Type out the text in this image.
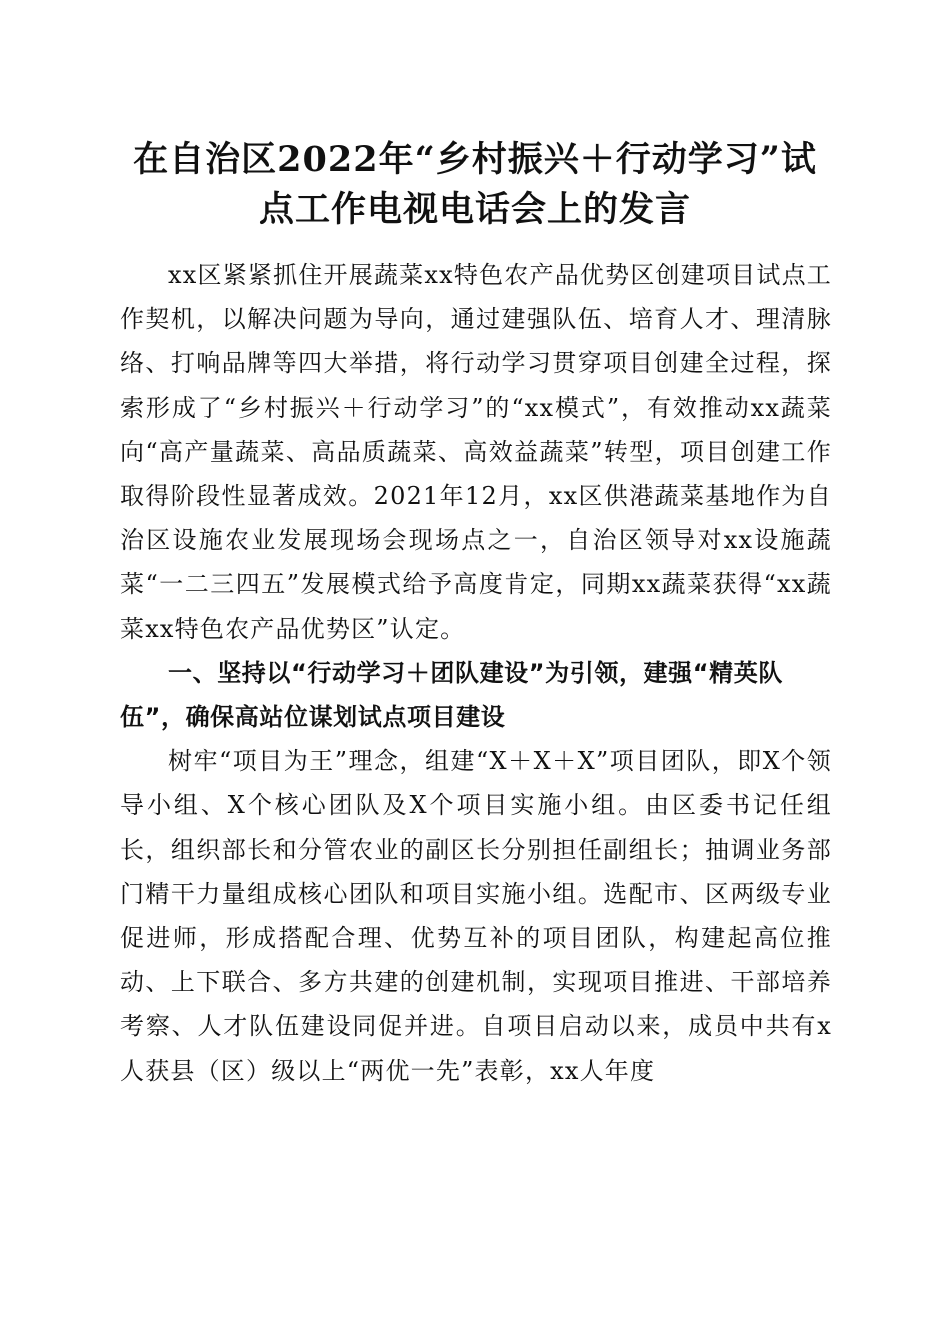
在自治区2022年“乡村振兴＋行动学习”试
点工作电视电话会上的发言

xx区紧紧抓住开展蔬菜xx特色农产品优势区创建项目试点工作契机，以解决问题为导向，通过建强队伍、培育人才、理清脉络、打响品牌等四大举措，将行动学习贯穿项目创建全过程，探索形成了“乡村振兴＋行动学习”的“xx模式”，有效推动xx蔬菜向“高产量蔬菜、高品质蔬菜、高效益蔬菜”转型，项目创建工作取得阶段性显著成效。2021年12月，xx区供港蔬菜基地作为自治区设施农业发展现场会现场点之一，自治区领导对xx设施蔬菜“一二三四五”发展模式给予高度肯定，同期xx蔬菜获得“xx蔬菜xx特色农产品优势区”认定。

一、坚持以“行动学习＋团队建设”为引领，建强“精英队伍”，确保高站位谋划试点项目建设

树牢“项目为王”理念，组建“X＋X＋X”项目团队，即X个领导小组、X个核心团队及X个项目实施小组。由区委书记任组长，组织部长和分管农业的副区长分别担任副组长；抽调业务部门精干力量组成核心团队和项目实施小组。选配市、区两级专业促进师，形成搭配合理、优势互补的项目团队，构建起高位推动、上下联合、多方共建的创建机制，实现项目推进、干部培养考察、人才队伍建设同促并进。自项目启动以来，成员中共有x人获县（区）级以上“两优一先”表彰，xx人年度
